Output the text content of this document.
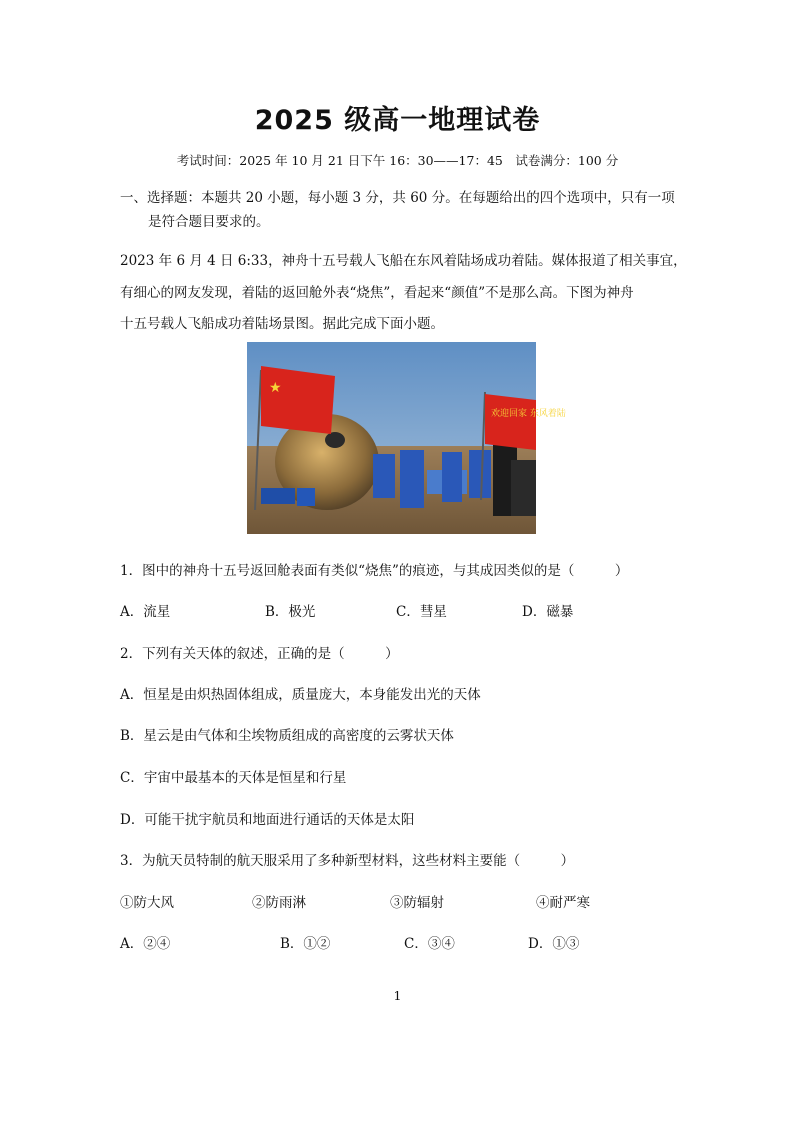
2025 级高一地理试卷
考试时间：2025 年 10 月 21 日下午 16：30——17：45　试卷满分：100 分
一、选择题：本题共 20 小题，每小题 3 分，共 60 分。在每题给出的四个选项中，只有一项
是符合题目要求的。
2023 年 6 月 4 日 6:33，神舟十五号载人飞船在东风着陆场成功着陆。媒体报道了相关事宜，
有细心的网友发现，着陆的返回舱外表“烧焦”，看起来“颜值”不是那么高。下图为神舟
十五号载人飞船成功着陆场景图。据此完成下面小题。
★
欢迎回家 东风着陆
1．图中的神舟十五号返回舱表面有类似“烧焦”的痕迹，与其成因类似的是（　　　）
A．流星	B．极光	C．彗星	D．磁暴
2．下列有关天体的叙述，正确的是（　　　）
A．恒星是由炽热固体组成，质量庞大，本身能发出光的天体
B．星云是由气体和尘埃物质组成的高密度的云雾状天体
C．宇宙中最基本的天体是恒星和行星
D．可能干扰宇航员和地面进行通话的天体是太阳
3．为航天员特制的航天服采用了多种新型材料，这些材料主要能（　　　）
①防大风	②防雨淋	③防辐射	④耐严寒
A．②④	B．①②	C．③④	D．①③
1
